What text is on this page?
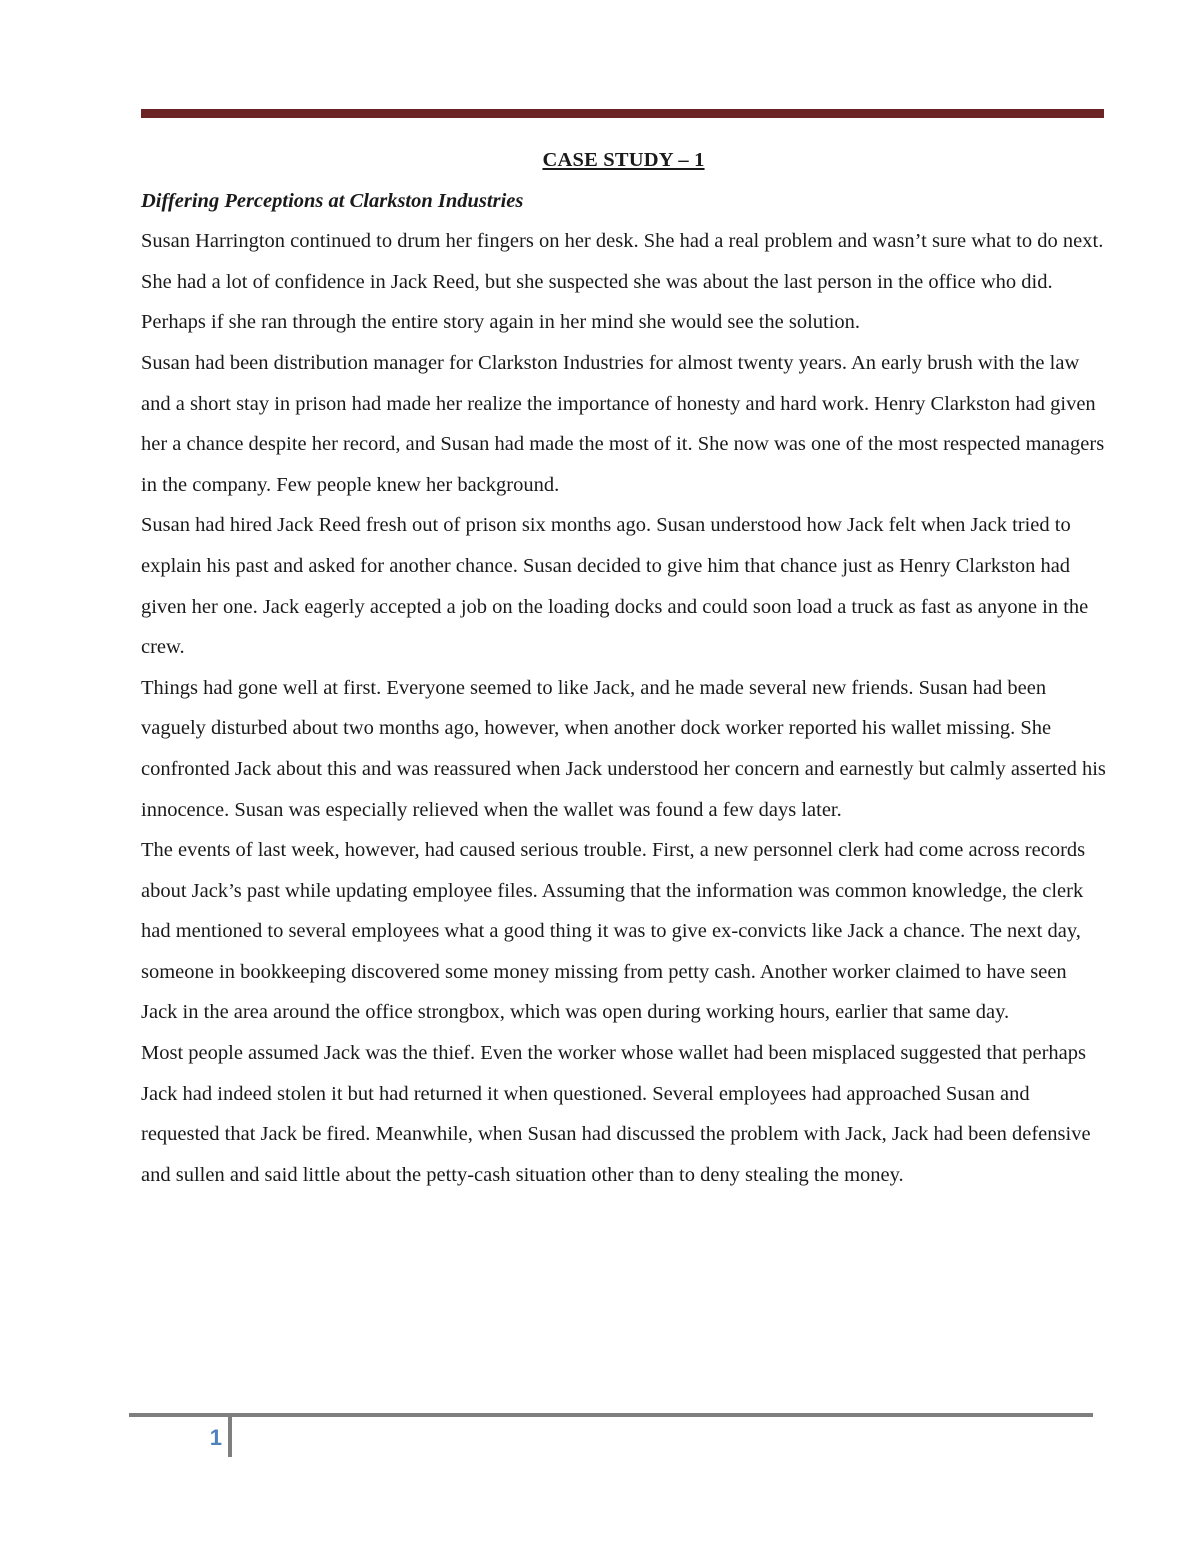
CASE STUDY – 1

Differing Perceptions at Clarkston Industries

Susan Harrington continued to drum her fingers on her desk. She had a real problem and wasn’t sure what to do next. She had a lot of confidence in Jack Reed, but she suspected she was about the last person in the office who did. Perhaps if she ran through the entire story again in her mind she would see the solution.

Susan had been distribution manager for Clarkston Industries for almost twenty years. An early brush with the law and a short stay in prison had made her realize the importance of honesty and hard work. Henry Clarkston had given her a chance despite her record, and Susan had made the most of it. She now was one of the most respected managers in the company. Few people knew her background.

Susan had hired Jack Reed fresh out of prison six months ago. Susan understood how Jack felt when Jack tried to explain his past and asked for another chance. Susan decided to give him that chance just as Henry Clarkston had given her one. Jack eagerly accepted a job on the loading docks and could soon load a truck as fast as anyone in the crew.

Things had gone well at first. Everyone seemed to like Jack, and he made several new friends. Susan had been vaguely disturbed about two months ago, however, when another dock worker reported his wallet missing. She confronted Jack about this and was reassured when Jack understood her concern and earnestly but calmly asserted his innocence. Susan was especially relieved when the wallet was found a few days later.

The events of last week, however, had caused serious trouble. First, a new personnel clerk had come across records about Jack’s past while updating employee files. Assuming that the information was common knowledge, the clerk had mentioned to several employees what a good thing it was to give ex-convicts like Jack a chance. The next day, someone in bookkeeping discovered some money missing from petty cash. Another worker claimed to have seen Jack in the area around the office strongbox, which was open during working hours, earlier that same day.

Most people assumed Jack was the thief. Even the worker whose wallet had been misplaced suggested that perhaps Jack had indeed stolen it but had returned it when questioned. Several employees had approached Susan and requested that Jack be fired. Meanwhile, when Susan had discussed the problem with Jack, Jack had been defensive and sullen and said little about the petty-cash situation other than to deny stealing the money.

1
